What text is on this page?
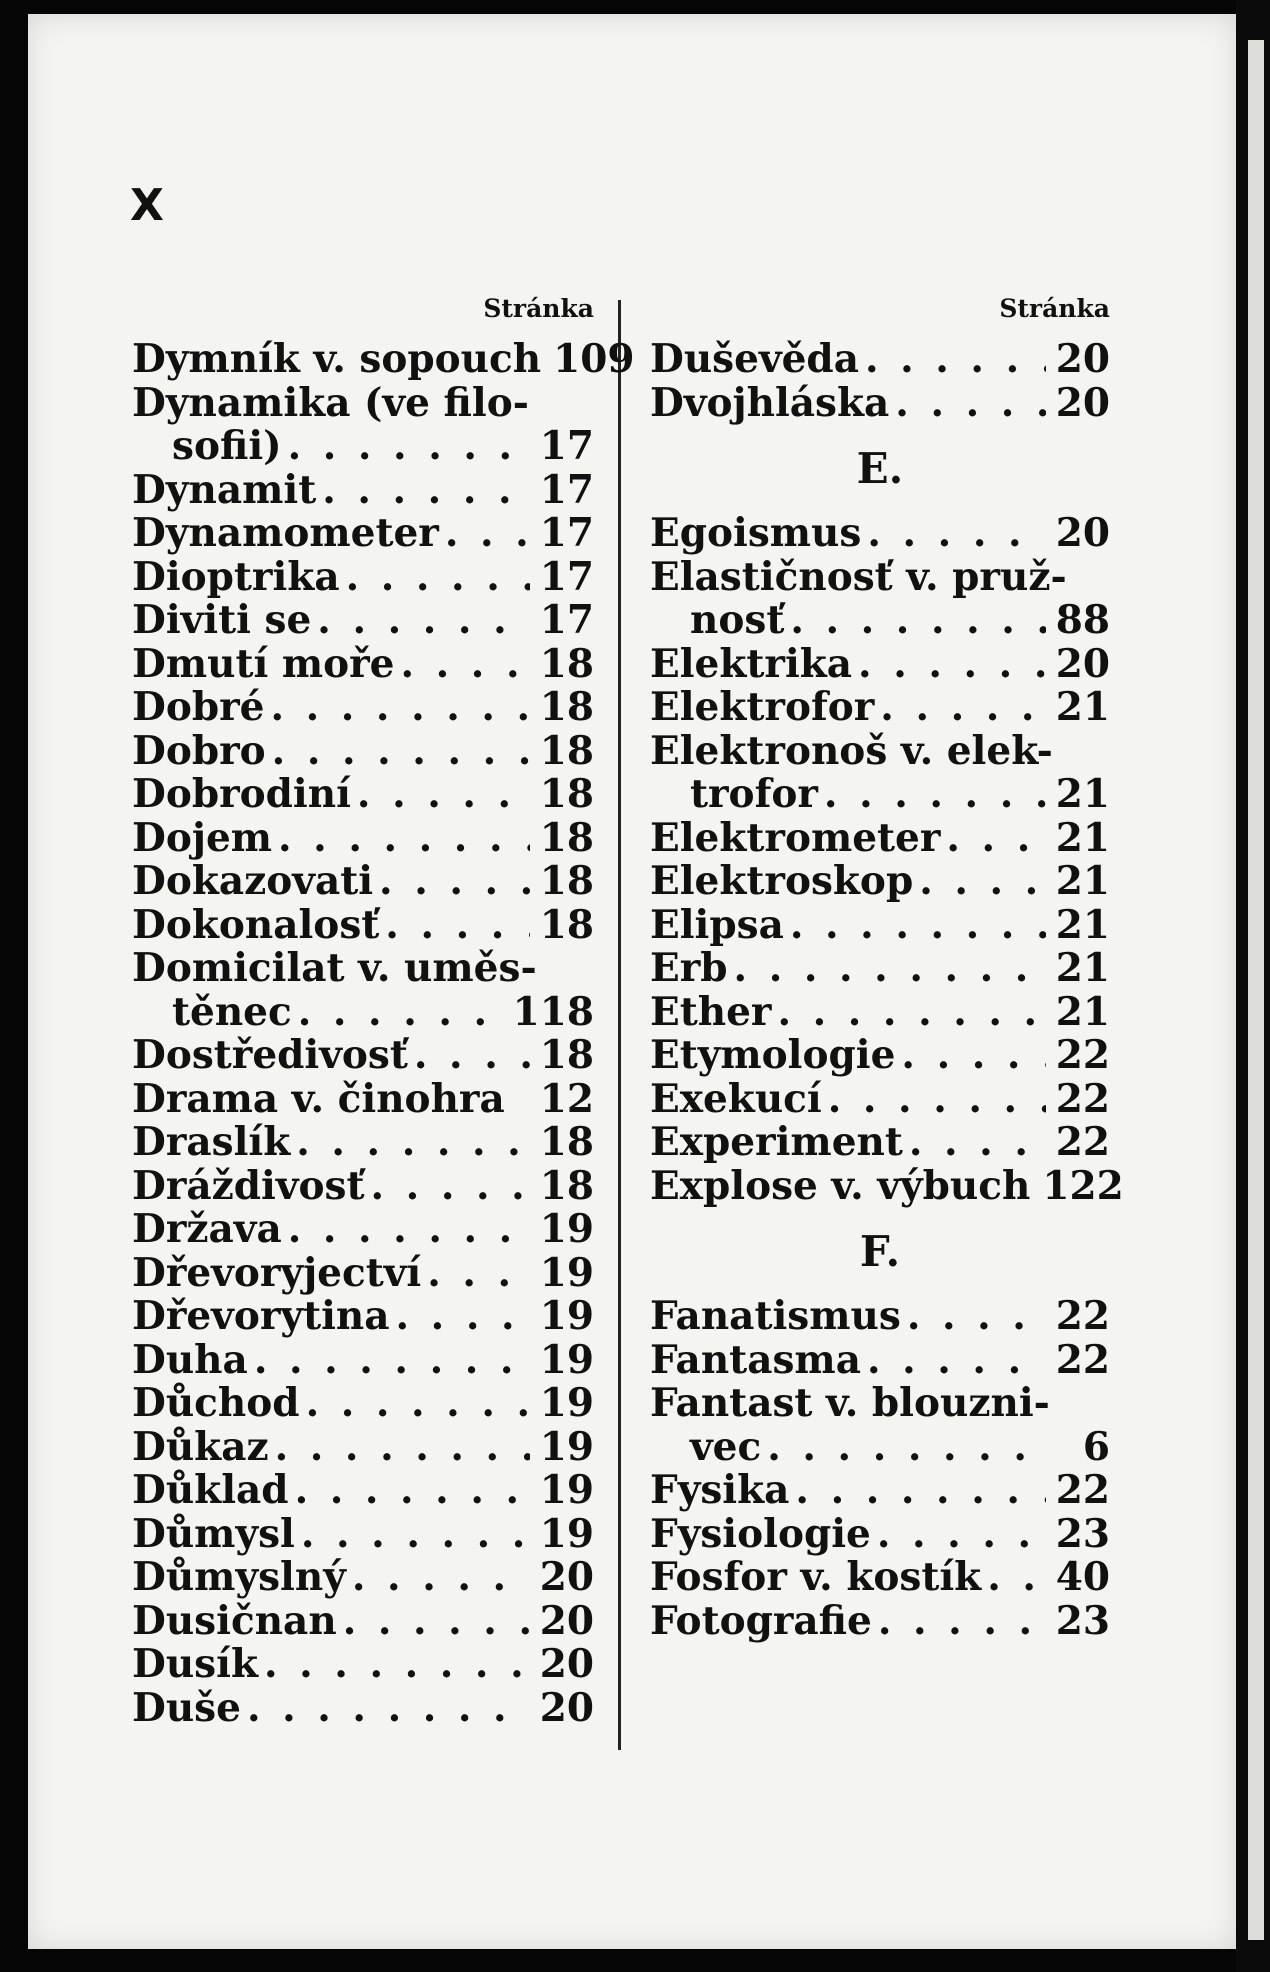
X
Stránka
Dymník v. sopouch 109
Dynamika (ve filo-
sofii) . . .	17
Dynamit . . .	17
Dynamometer . . .	17
Dioptrika . . .	17
Diviti se . . .	17
Dmutí moře . . .	18
Dobré . . .	18
Dobro . . .	18
Dobrodiní . . .	18
Dojem . . .	18
Dokazovati . . .	18
Dokonalosť . . .	18
Domicilat v. uměs-
těnec . . .	118
Dostředivosť . . .	18
Drama v. činohra 12
Draslík . . .	18
Dráždivosť . . .	18
Državа . . .	19
Dřevoryjectví . . .	19
Dřevorytina . . .	19
Duha . . .	19
Důchod . . .	19
Důkaz . . .	19
Důklad . . .	19
Důmysl . . .	19
Důmyslný . . .	20
Dusičnan . . .	20
Dusík . . .	20
Duše . . .	20
Stránka
Duševěda . . .	20
Dvojhláska . . .	20
E.
Egoismus . . .	20
Elastičnosť v. pruž-
nosť . . .	88
Elektrika . . .	20
Elektrofor . . .	21
Elektronoš v. elek-
trofor . . .	21
Elektrometer . . .	21
Elektroskop . . .	21
Elipsa . . .	21
Erb . . .	21
Ether . . .	21
Etymologie . . .	22
Exekucí . . .	22
Experiment . . .	22
Explose v. výbuch 122
F.
Fanatismus . . .	22
Fantasma . . .	22
Fantast v. blouzni-
vec . . .	6
Fysika . . .	22
Fysiologie . . .	23
Fosfor v. kostík . . . 40
Fotografie . . .	23
